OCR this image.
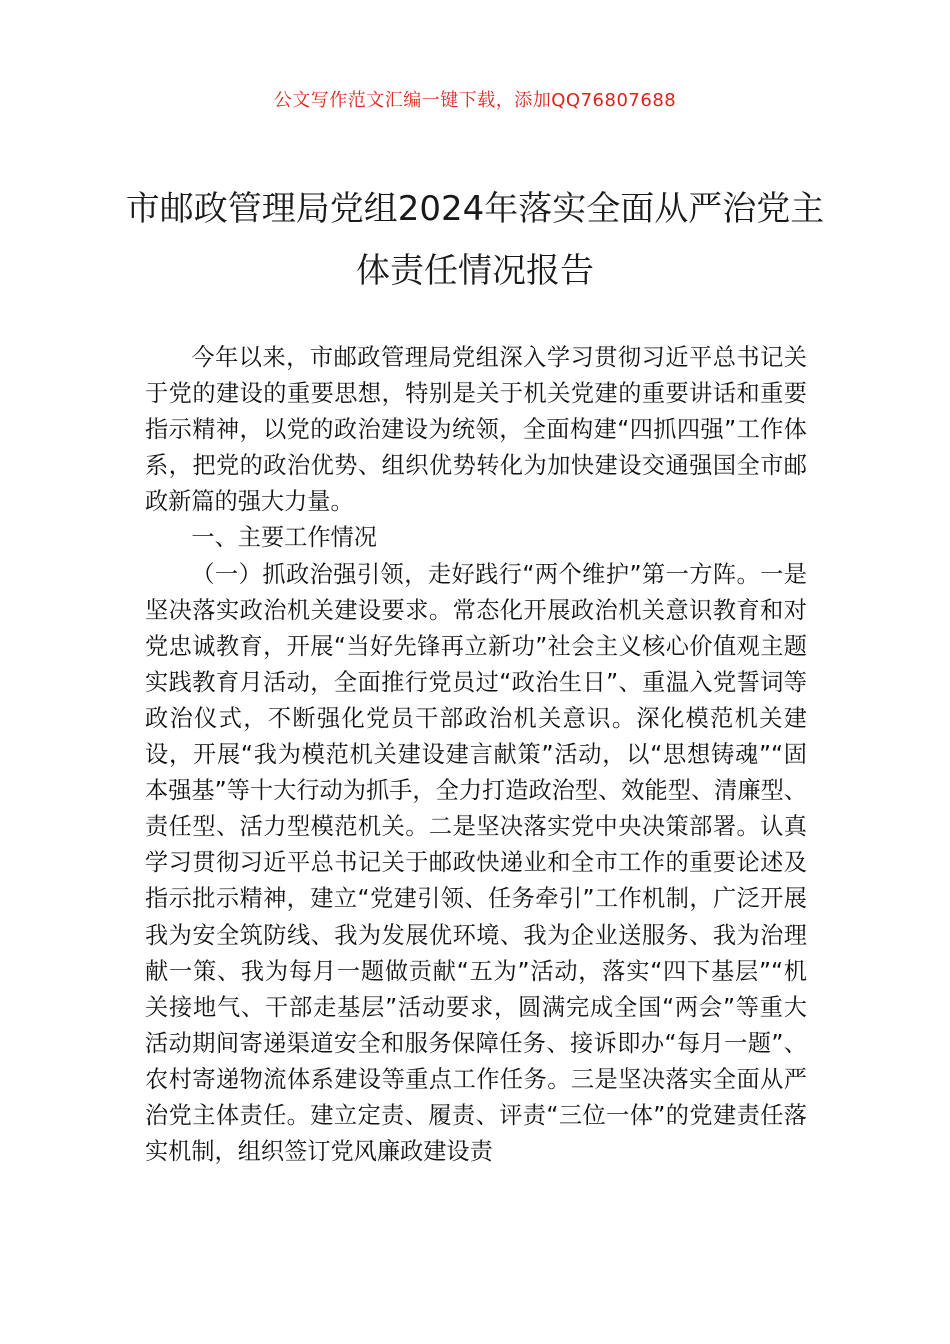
公文写作范文汇编一键下载，添加QQ76807688
市邮政管理局党组2024年落实全面从严治党主体责任情况报告

今年以来，市邮政管理局党组深入学习贯彻习近平总书记关于党的建设的重要思想，特别是关于机关党建的重要讲话和重要指示精神，以党的政治建设为统领，全面构建“四抓四强”工作体系，把党的政治优势、组织优势转化为加快建设交通强国全市邮政新篇的强大力量。

一、主要工作情况

（一）抓政治强引领，走好践行“两个维护”第一方阵。一是坚决落实政治机关建设要求。常态化开展政治机关意识教育和对党忠诚教育，开展“当好先锋再立新功”社会主义核心价值观主题实践教育月活动，全面推行党员过“政治生日”、重温入党誓词等政治仪式，不断强化党员干部政治机关意识。深化模范机关建设，开展“我为模范机关建设建言献策”活动，以“思想铸魂”“固本强基”等十大行动为抓手，全力打造政治型、效能型、清廉型、责任型、活力型模范机关。二是坚决落实党中央决策部署。认真学习贯彻习近平总书记关于邮政快递业和全市工作的重要论述及指示批示精神，建立“党建引领、任务牵引”工作机制，广泛开展我为安全筑防线、我为发展优环境、我为企业送服务、我为治理献一策、我为每月一题做贡献“五为”活动，落实“四下基层”“机关接地气、干部走基层”活动要求，圆满完成全国“两会”等重大活动期间寄递渠道安全和服务保障任务、接诉即办“每月一题”、农村寄递物流体系建设等重点工作任务。三是坚决落实全面从严治党主体责任。建立定责、履责、评责“三位一体”的党建责任落实机制，组织签订党风廉政建设责
